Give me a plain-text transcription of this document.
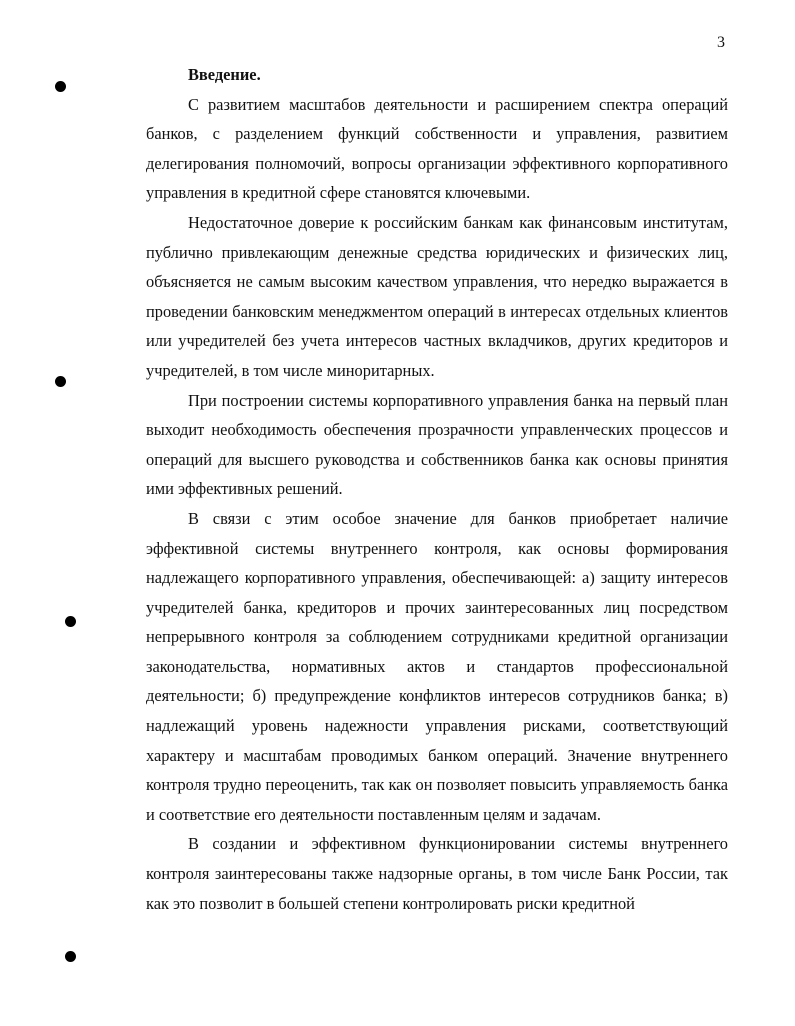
3

Введение.

С развитием масштабов деятельности и расширением спектра операций банков, с разделением функций собственности и управления, развитием делегирования полномочий, вопросы организации эффективного корпоративного управления в кредитной сфере становятся ключевыми.

Недостаточное доверие к российским банкам как финансовым институтам, публично привлекающим денежные средства юридических и физических лиц, объясняется не самым высоким качеством управления, что нередко выражается в проведении банковским менеджментом операций в интересах отдельных клиентов или учредителей без учета интересов частных вкладчиков, других кредиторов и учредителей, в том числе миноритарных.

При построении системы корпоративного управления банка на первый план выходит необходимость обеспечения прозрачности управленческих процессов и операций для высшего руководства и собственников банка как основы принятия ими эффективных решений.

В связи с этим особое значение для банков приобретает наличие эффективной системы внутреннего контроля, как основы формирования надлежащего корпоративного управления, обеспечивающей: а) защиту интересов учредителей банка, кредиторов и прочих заинтересованных лиц посредством непрерывного контроля за соблюдением сотрудниками кредитной организации законодательства, нормативных актов и стандартов профессиональной деятельности; б) предупреждение конфликтов интересов сотрудников банка; в) надлежащий уровень надежности управления рисками, соответствующий характеру и масштабам проводимых банком операций. Значение внутреннего контроля трудно переоценить, так как он позволяет повысить управляемость банка и соответствие его деятельности поставленным целям и задачам.

В создании и эффективном функционировании системы внутреннего контроля заинтересованы также надзорные органы, в том числе Банк России, так как это позволит в большей степени контролировать риски кредитной
